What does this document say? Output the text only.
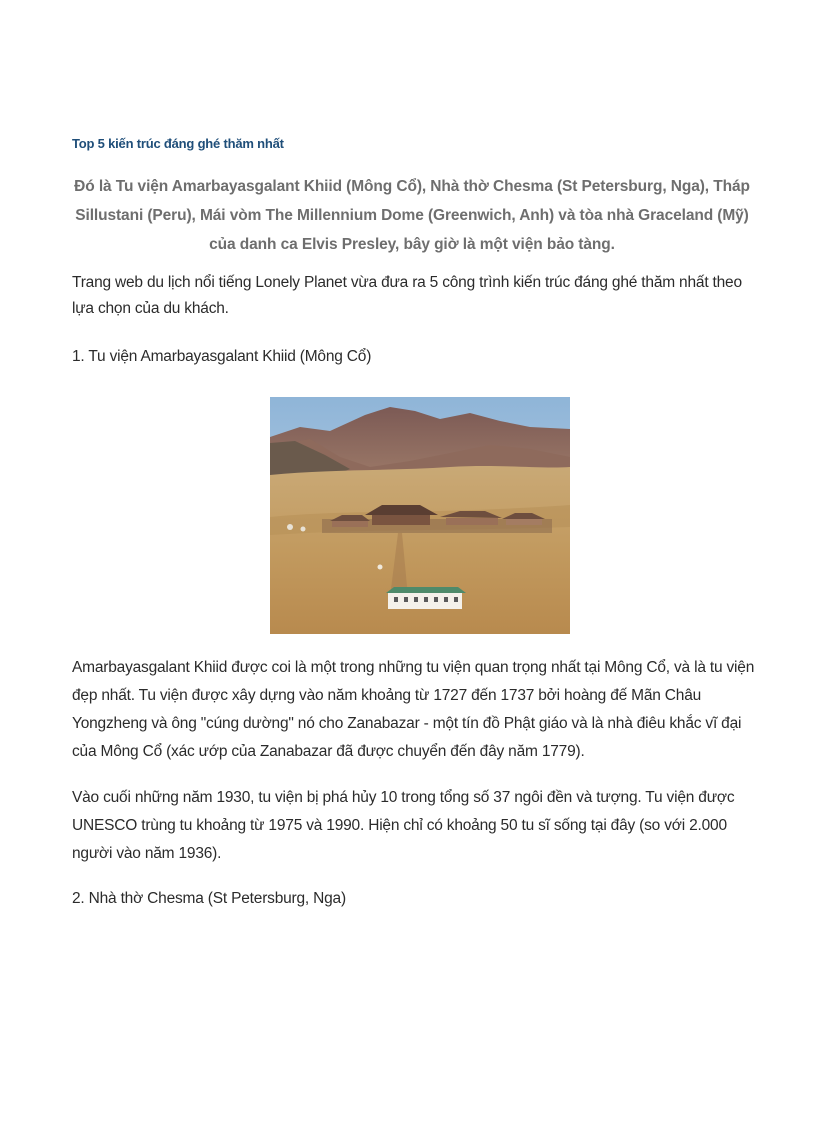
Top 5 kiến trúc đáng ghé thăm nhất
Đó là Tu viện Amarbayasgalant Khiid (Mông Cổ), Nhà thờ Chesma (St Petersburg, Nga), Tháp Sillustani (Peru), Mái vòm The Millennium Dome (Greenwich, Anh) và tòa nhà Graceland (Mỹ) của danh ca Elvis Presley, bây giờ là một viện bảo tàng.
Trang web du lịch nổi tiếng Lonely Planet vừa đưa ra 5 công trình kiến trúc đáng ghé thăm nhất theo lựa chọn của du khách.
1. Tu viện Amarbayasgalant Khiid (Mông Cổ)
Amarbayasgalant Khiid được coi là một trong những tu viện quan trọng nhất tại Mông Cổ, và là tu viện đẹp nhất. Tu viện được xây dựng vào năm khoảng từ 1727 đến 1737 bởi hoàng đế Mãn Châu Yongzheng và ông "cúng dường" nó cho Zanabazar - một tín đồ Phật giáo và là nhà điêu khắc vĩ đại của Mông Cổ (xác ướp của Zanabazar đã được chuyển đến đây năm 1779).
Vào cuối những năm 1930, tu viện bị phá hủy 10 trong tổng số 37 ngôi đền và tượng. Tu viện được UNESCO trùng tu khoảng từ 1975 và 1990. Hiện chỉ có khoảng 50 tu sĩ sống tại đây (so với 2.000 người vào năm 1936).
2. Nhà thờ Chesma (St Petersburg, Nga)
